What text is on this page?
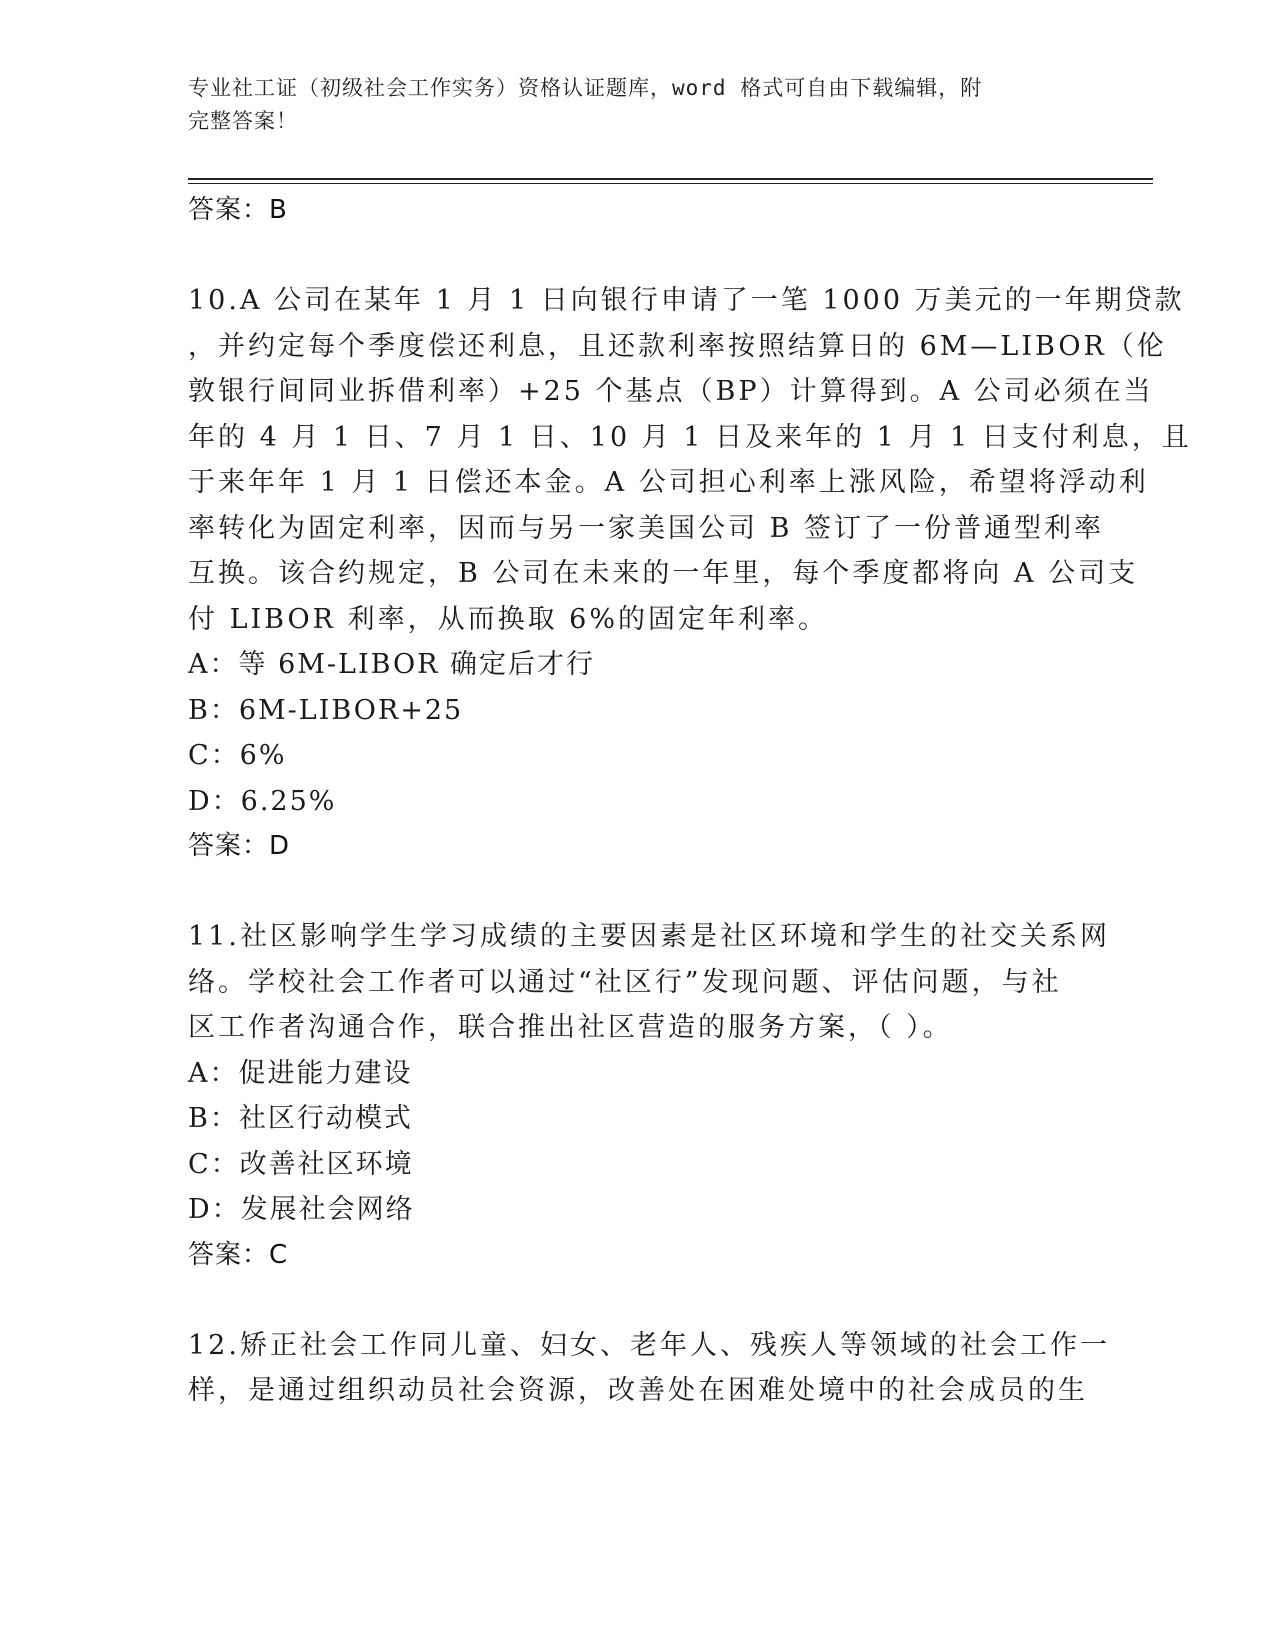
专业社工证（初级社会工作实务）资格认证题库，word 格式可自由下载编辑，附
完整答案！
答案：B
10.A 公司在某年 1 月 1 日向银行申请了一笔 1000 万美元的一年期贷款
，并约定每个季度偿还利息，且还款利率按照结算日的 6M—LIBOR（伦
敦银行间同业拆借利率）+25 个基点（BP）计算得到。A 公司必须在当
年的 4 月 1 日、7 月 1 日、10 月 1 日及来年的 1 月 1 日支付利息，且
于来年年 1 月 1 日偿还本金。A 公司担心利率上涨风险，希望将浮动利
率转化为固定利率，因而与另一家美国公司 B 签订了一份普通型利率
互换。该合约规定，B 公司在未来的一年里，每个季度都将向 A 公司支
付 LIBOR 利率，从而换取 6%的固定年利率。
A：等 6M-LIBOR 确定后才行
B：6M-LIBOR+25
C：6%
D：6.25%
答案：D
11.社区影响学生学习成绩的主要因素是社区环境和学生的社交关系网
络。学校社会工作者可以通过“社区行”发现问题、评估问题，与社
区工作者沟通合作，联合推出社区营造的服务方案，（ ）。
A：促进能力建设
B：社区行动模式
C：改善社区环境
D：发展社会网络
答案：C
12.矫正社会工作同儿童、妇女、老年人、残疾人等领域的社会工作一
样，是通过组织动员社会资源，改善处在困难处境中的社会成员的生
